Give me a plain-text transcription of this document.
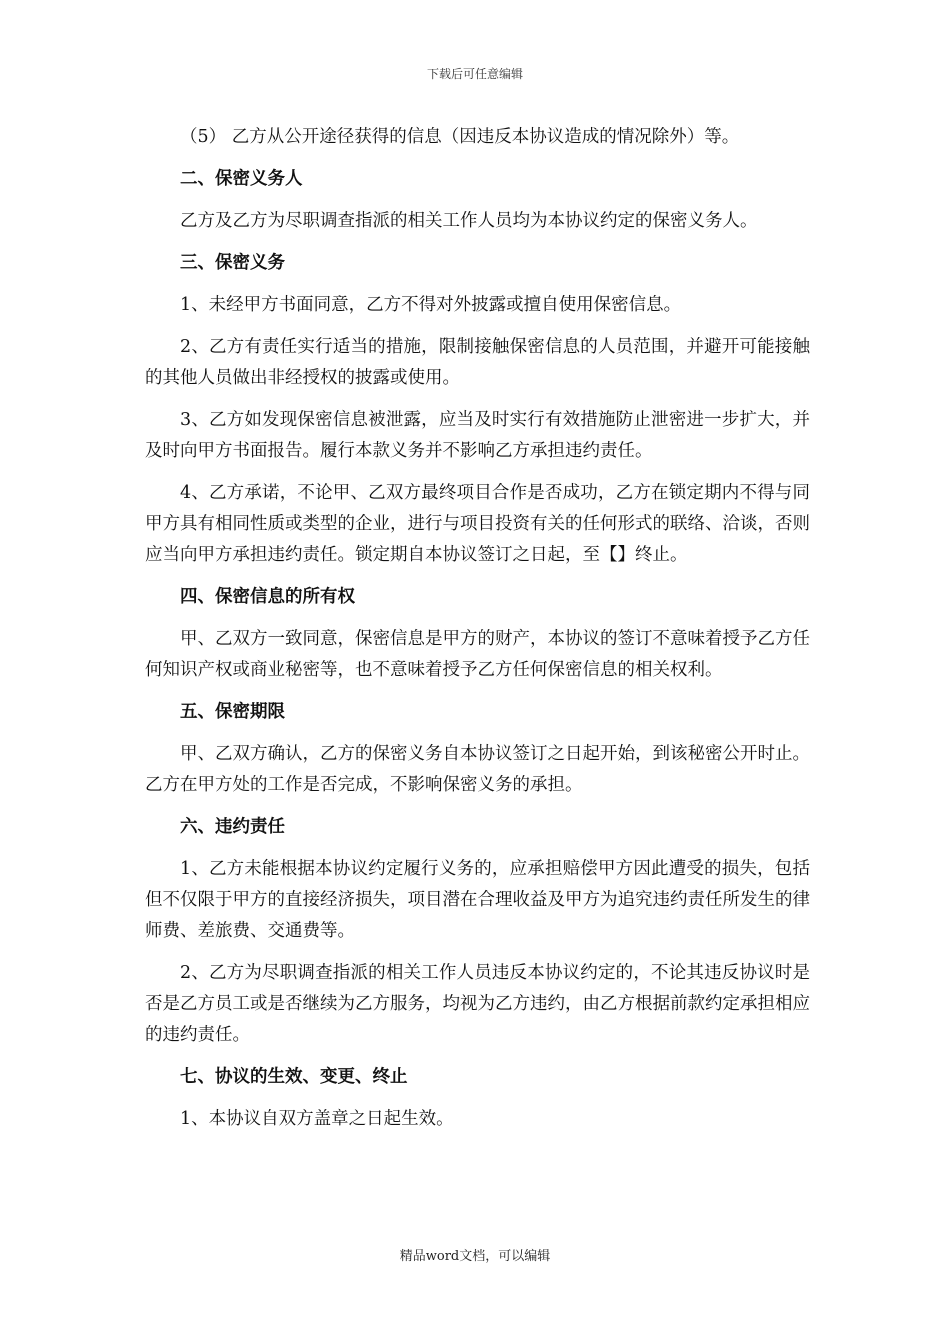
下载后可任意编辑
（5） 乙方从公开途径获得的信息（因违反本协议造成的情况除外）等。
二、保密义务人
乙方及乙方为尽职调查指派的相关工作人员均为本协议约定的保密义务人。
三、保密义务
1、未经甲方书面同意，乙方不得对外披露或擅自使用保密信息。
2、乙方有责任实行适当的措施，限制接触保密信息的人员范围，并避开可能接触的其他人员做出非经授权的披露或使用。
3、乙方如发现保密信息被泄露，应当及时实行有效措施防止泄密进一步扩大，并及时向甲方书面报告。履行本款义务并不影响乙方承担违约责任。
4、乙方承诺，不论甲、乙双方最终项目合作是否成功，乙方在锁定期内不得与同甲方具有相同性质或类型的企业，进行与项目投资有关的任何形式的联络、洽谈，否则应当向甲方承担违约责任。锁定期自本协议签订之日起，至【】终止。
四、保密信息的所有权
甲、乙双方一致同意，保密信息是甲方的财产，本协议的签订不意味着授予乙方任何知识产权或商业秘密等，也不意味着授予乙方任何保密信息的相关权利。
五、保密期限
甲、乙双方确认，乙方的保密义务自本协议签订之日起开始，到该秘密公开时止。乙方在甲方处的工作是否完成，不影响保密义务的承担。
六、违约责任
1、乙方未能根据本协议约定履行义务的，应承担赔偿甲方因此遭受的损失，包括但不仅限于甲方的直接经济损失，项目潜在合理收益及甲方为追究违约责任所发生的律师费、差旅费、交通费等。
2、乙方为尽职调查指派的相关工作人员违反本协议约定的，不论其违反协议时是否是乙方员工或是否继续为乙方服务，均视为乙方违约，由乙方根据前款约定承担相应的违约责任。
七、协议的生效、变更、终止
1、本协议自双方盖章之日起生效。
精品word文档，可以编辑
